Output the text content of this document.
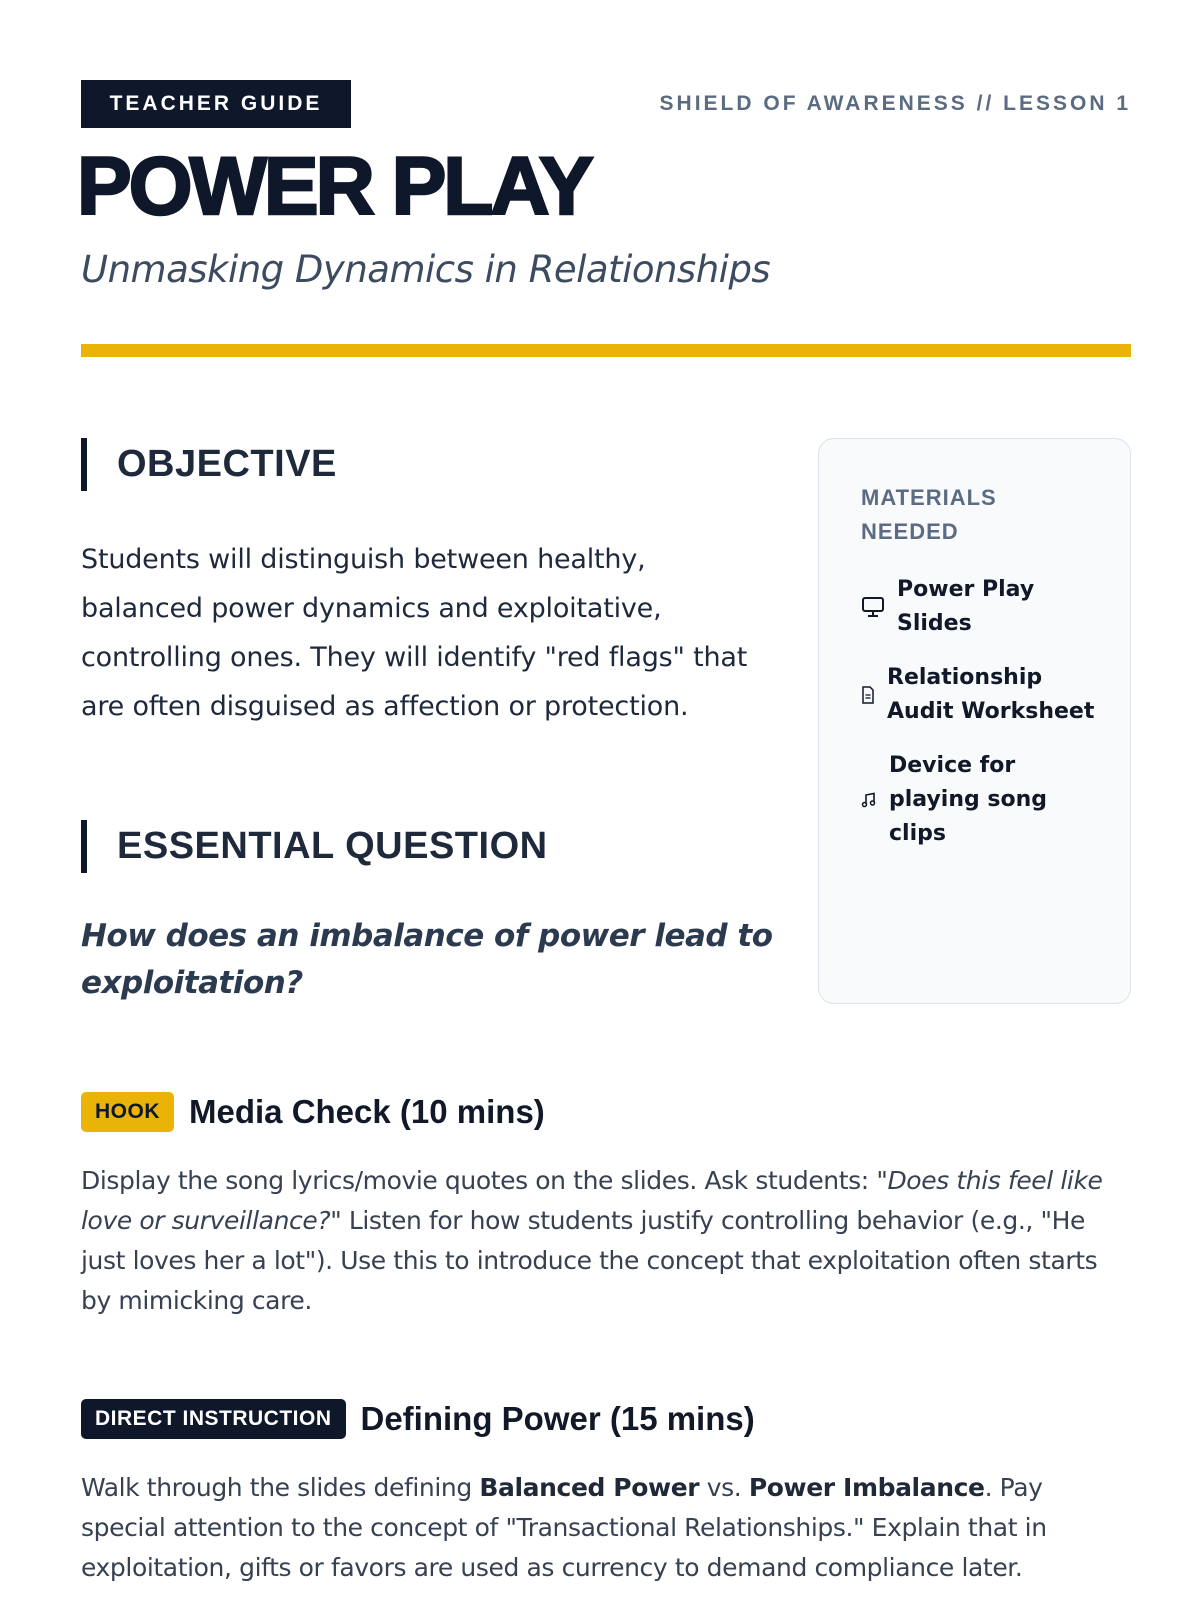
TEACHER GUIDE	SHIELD OF AWARENESS // LESSON 1
POWER PLAY
Unmasking Dynamics in Relationships
OBJECTIVE
Students will distinguish between healthy, balanced power dynamics and exploitative, controlling ones. They will identify "red flags" that are often disguised as affection or protection.
ESSENTIAL QUESTION
How does an imbalance of power lead to exploitation?
MATERIALS NEEDED
Power Play Slides
Relationship Audit Worksheet
Device for playing song clips
HOOK Media Check (10 mins)
Display the song lyrics/movie quotes on the slides. Ask students: "Does this feel like love or surveillance?" Listen for how students justify controlling behavior (e.g., "He just loves her a lot"). Use this to introduce the concept that exploitation often starts by mimicking care.
DIRECT INSTRUCTION Defining Power (15 mins)
Walk through the slides defining Balanced Power vs. Power Imbalance. Pay special attention to the concept of "Transactional Relationships." Explain that in exploitation, gifts or favors are used as currency to demand compliance later.
